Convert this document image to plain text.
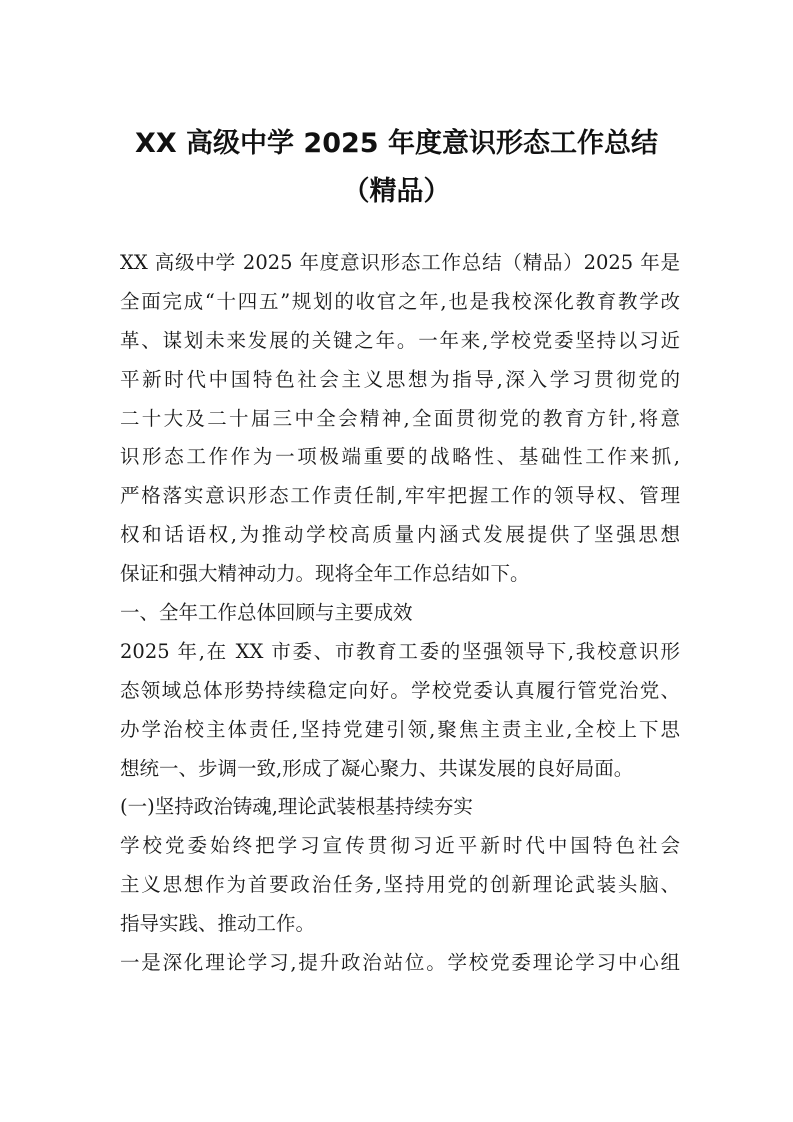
XX 高级中学 2025 年度意识形态工作总结
（精品）
XX 高级中学 2025 年度意识形态工作总结（精品）2025 年是
全面完成“十四五”规划的收官之年,也是我校深化教育教学改
革、谋划未来发展的关键之年。一年来,学校党委坚持以习近
平新时代中国特色社会主义思想为指导,深入学习贯彻党的
二十大及二十届三中全会精神,全面贯彻党的教育方针,将意
识形态工作作为一项极端重要的战略性、基础性工作来抓,
严格落实意识形态工作责任制,牢牢把握工作的领导权、管理
权和话语权,为推动学校高质量内涵式发展提供了坚强思想
保证和强大精神动力。现将全年工作总结如下。
一、全年工作总体回顾与主要成效
2025 年,在 XX 市委、市教育工委的坚强领导下,我校意识形
态领域总体形势持续稳定向好。学校党委认真履行管党治党、
办学治校主体责任,坚持党建引领,聚焦主责主业,全校上下思
想统一、步调一致,形成了凝心聚力、共谋发展的良好局面。
(一)坚持政治铸魂,理论武装根基持续夯实
学校党委始终把学习宣传贯彻习近平新时代中国特色社会
主义思想作为首要政治任务,坚持用党的创新理论武装头脑、
指导实践、推动工作。
一是深化理论学习,提升政治站位。学校党委理论学习中心组
